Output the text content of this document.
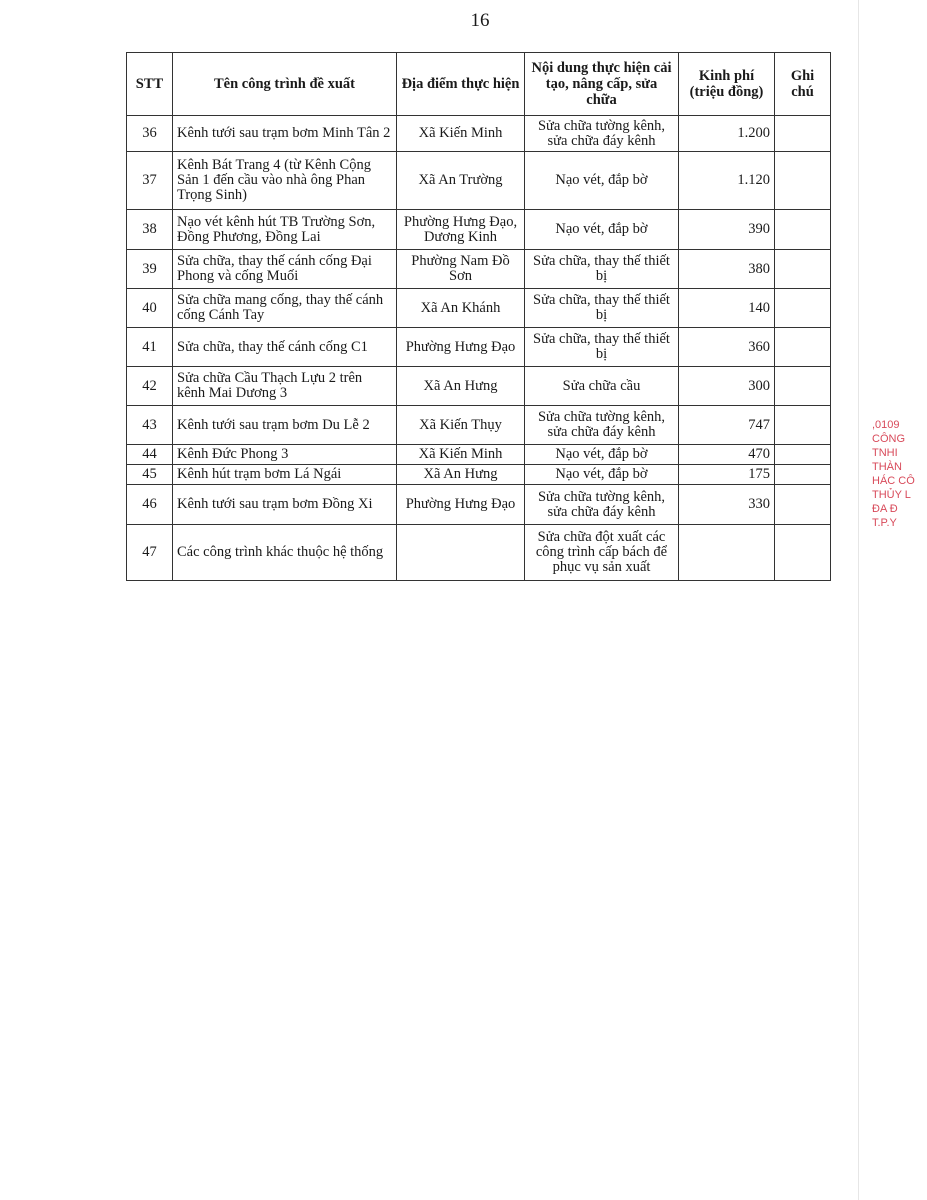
16
STT	Tên công trình đề xuất	Địa điểm thực hiện	Nội dung thực hiện cải tạo, nâng cấp, sửa chữa	Kinh phí (triệu đồng)	Ghi chú
36	Kênh tưới sau trạm bơm Minh Tân 2	Xã Kiến Minh	Sửa chữa tường kênh, sửa chữa đáy kênh	1.200	
37	Kênh Bát Trang 4 (từ Kênh Cộng Sản 1 đến cầu vào nhà ông Phan Trọng Sinh)	Xã An Trường	Nạo vét, đắp bờ	1.120	
38	Nạo vét kênh hút TB Trường Sơn, Đồng Phương, Đồng Lai	Phường Hưng Đạo, Dương Kinh	Nạo vét, đắp bờ	390	
39	Sửa chữa, thay thế cánh cống Đại Phong và cống Muối	Phường Nam Đồ Sơn	Sửa chữa, thay thế thiết bị	380	
40	Sửa chữa mang cống, thay thế cánh cống Cánh Tay	Xã An Khánh	Sửa chữa, thay thế thiết bị	140	
41	Sửa chữa, thay thế cánh cống C1	Phường Hưng Đạo	Sửa chữa, thay thế thiết bị	360	
42	Sửa chữa Cầu Thạch Lựu 2 trên kênh Mai Dương 3	Xã An Hưng	Sửa chữa cầu	300	
43	Kênh tưới sau trạm bơm Du Lễ 2	Xã Kiến Thụy	Sửa chữa tường kênh, sửa chữa đáy kênh	747	
44	Kênh Đức Phong 3	Xã Kiến Minh	Nạo vét, đắp bờ	470	
45	Kênh hút trạm bơm Lá Ngái	Xã An Hưng	Nạo vét, đắp bờ	175	
46	Kênh tưới sau trạm bơm Đồng Xi	Phường Hưng Đạo	Sửa chữa tường kênh, sửa chữa đáy kênh	330	
47	Các công trình khác thuộc hệ thống		Sửa chữa đột xuất các công trình cấp bách để phục vụ sản xuất		
,0109
CÔNG
TNHI
THÀN
HÁC CÔ
THỦY L
ĐA Đ
T.P.Y
